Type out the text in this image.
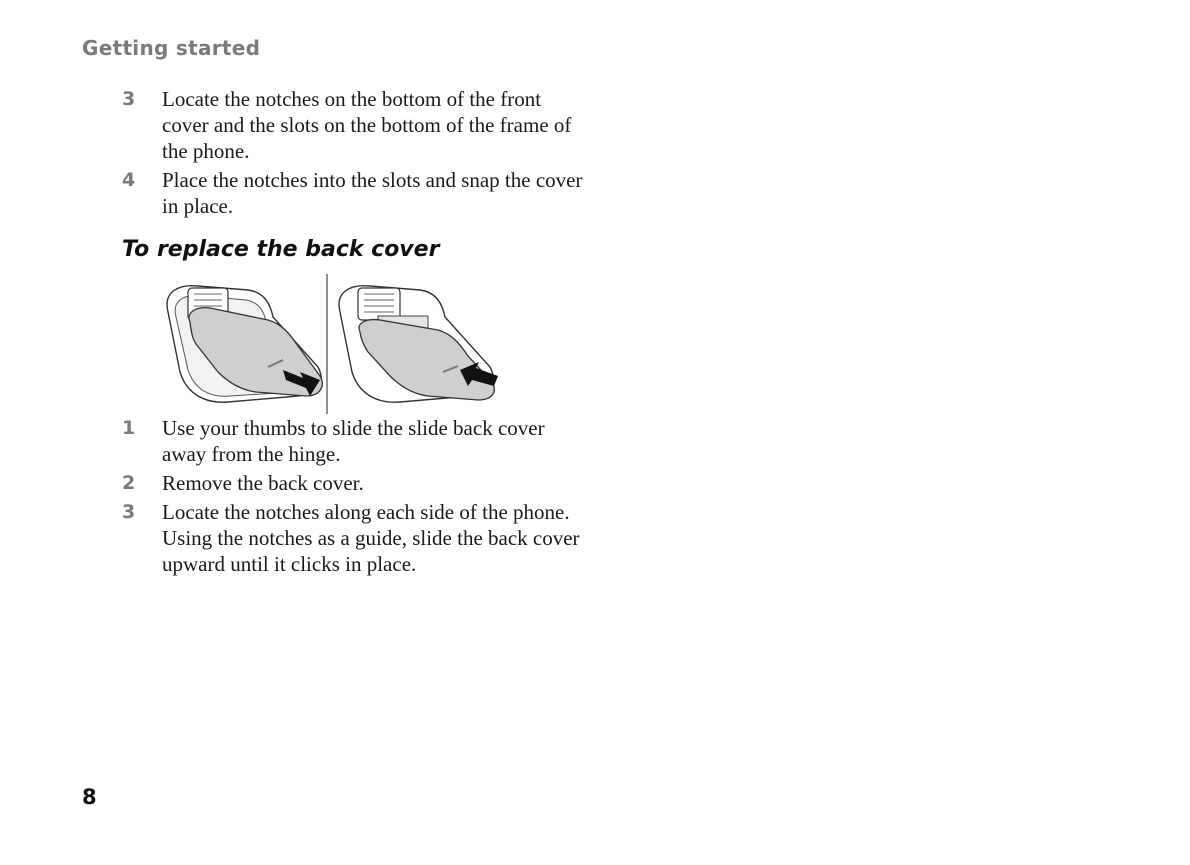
Getting started
3	Locate the notches on the bottom of the front cover and the slots on the bottom of the frame of the phone.
4	Place the notches into the slots and snap the cover in place.
To replace the back cover
1	Use your thumbs to slide the slide back cover away from the hinge.
2	Remove the back cover.
3	Locate the notches along each side of the phone. Using the notches as a guide, slide the back cover upward until it clicks in place.
8
